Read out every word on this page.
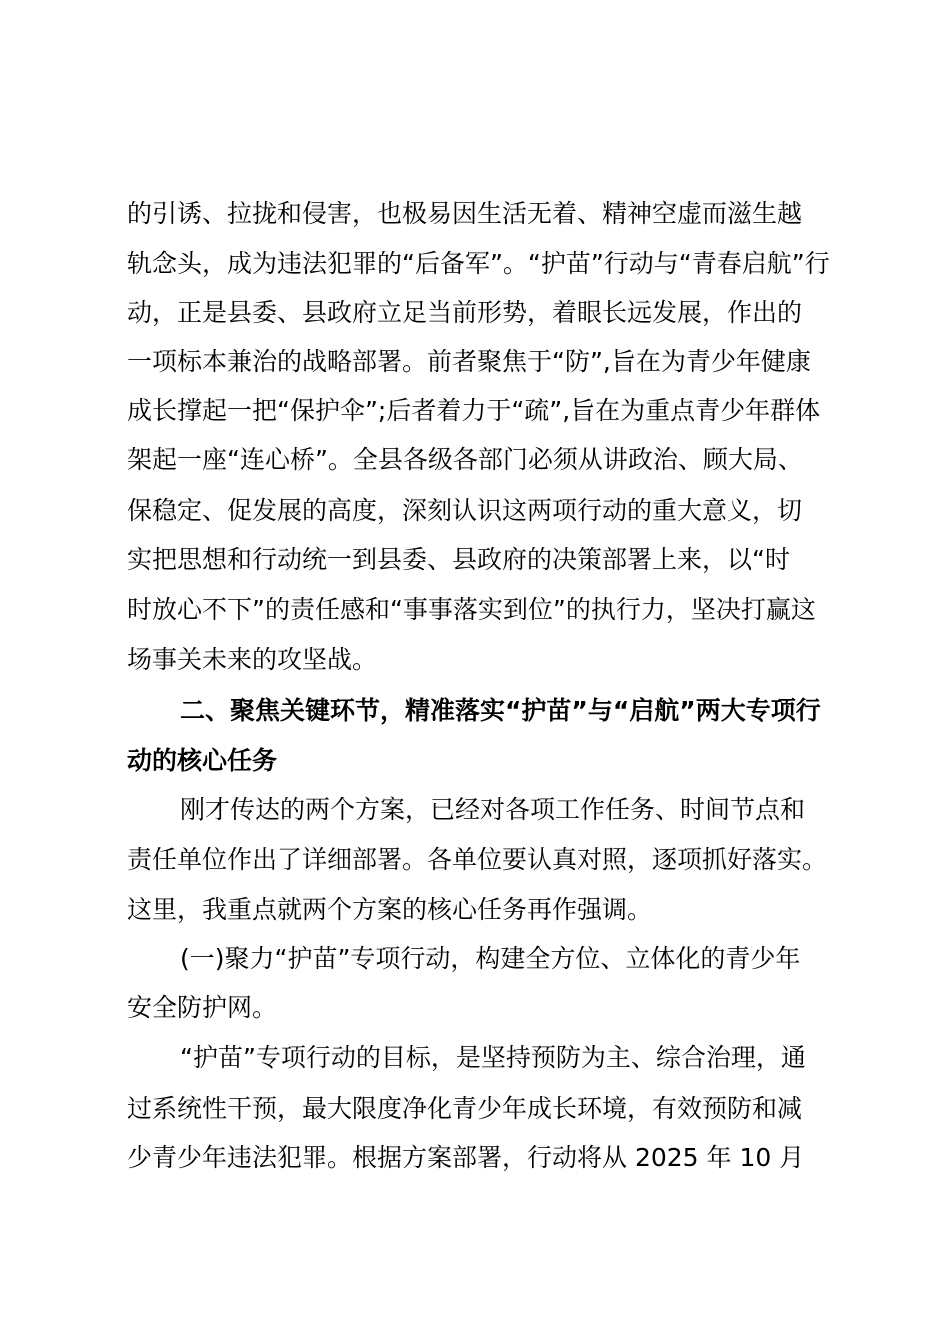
的引诱、拉拢和侵害，也极易因生活无着、精神空虚而滋生越

轨念头，成为违法犯罪的“后备军”。“护苗”行动与“青春启航”行

动，正是县委、县政府立足当前形势，着眼长远发展，作出的

一项标本兼治的战略部署。前者聚焦于“防”,旨在为青少年健康

成长撑起一把“保护伞”;后者着力于“疏”,旨在为重点青少年群体

架起一座“连心桥”。全县各级各部门必须从讲政治、顾大局、

保稳定、促发展的高度，深刻认识这两项行动的重大意义，切

实把思想和行动统一到县委、县政府的决策部署上来，以“时

时放心不下”的责任感和“事事落实到位”的执行力，坚决打赢这

场事关未来的攻坚战。

二、聚焦关键环节，精准落实“护苗”与“启航”两大专项行

动的核心任务

刚才传达的两个方案，已经对各项工作任务、时间节点和

责任单位作出了详细部署。各单位要认真对照，逐项抓好落实。

这里，我重点就两个方案的核心任务再作强调。

(一)聚力“护苗”专项行动，构建全方位、立体化的青少年

安全防护网。

“护苗”专项行动的目标，是坚持预防为主、综合治理，通

过系统性干预，最大限度净化青少年成长环境，有效预防和减

少青少年违法犯罪。根据方案部署，行动将从 2025 年 10 月
